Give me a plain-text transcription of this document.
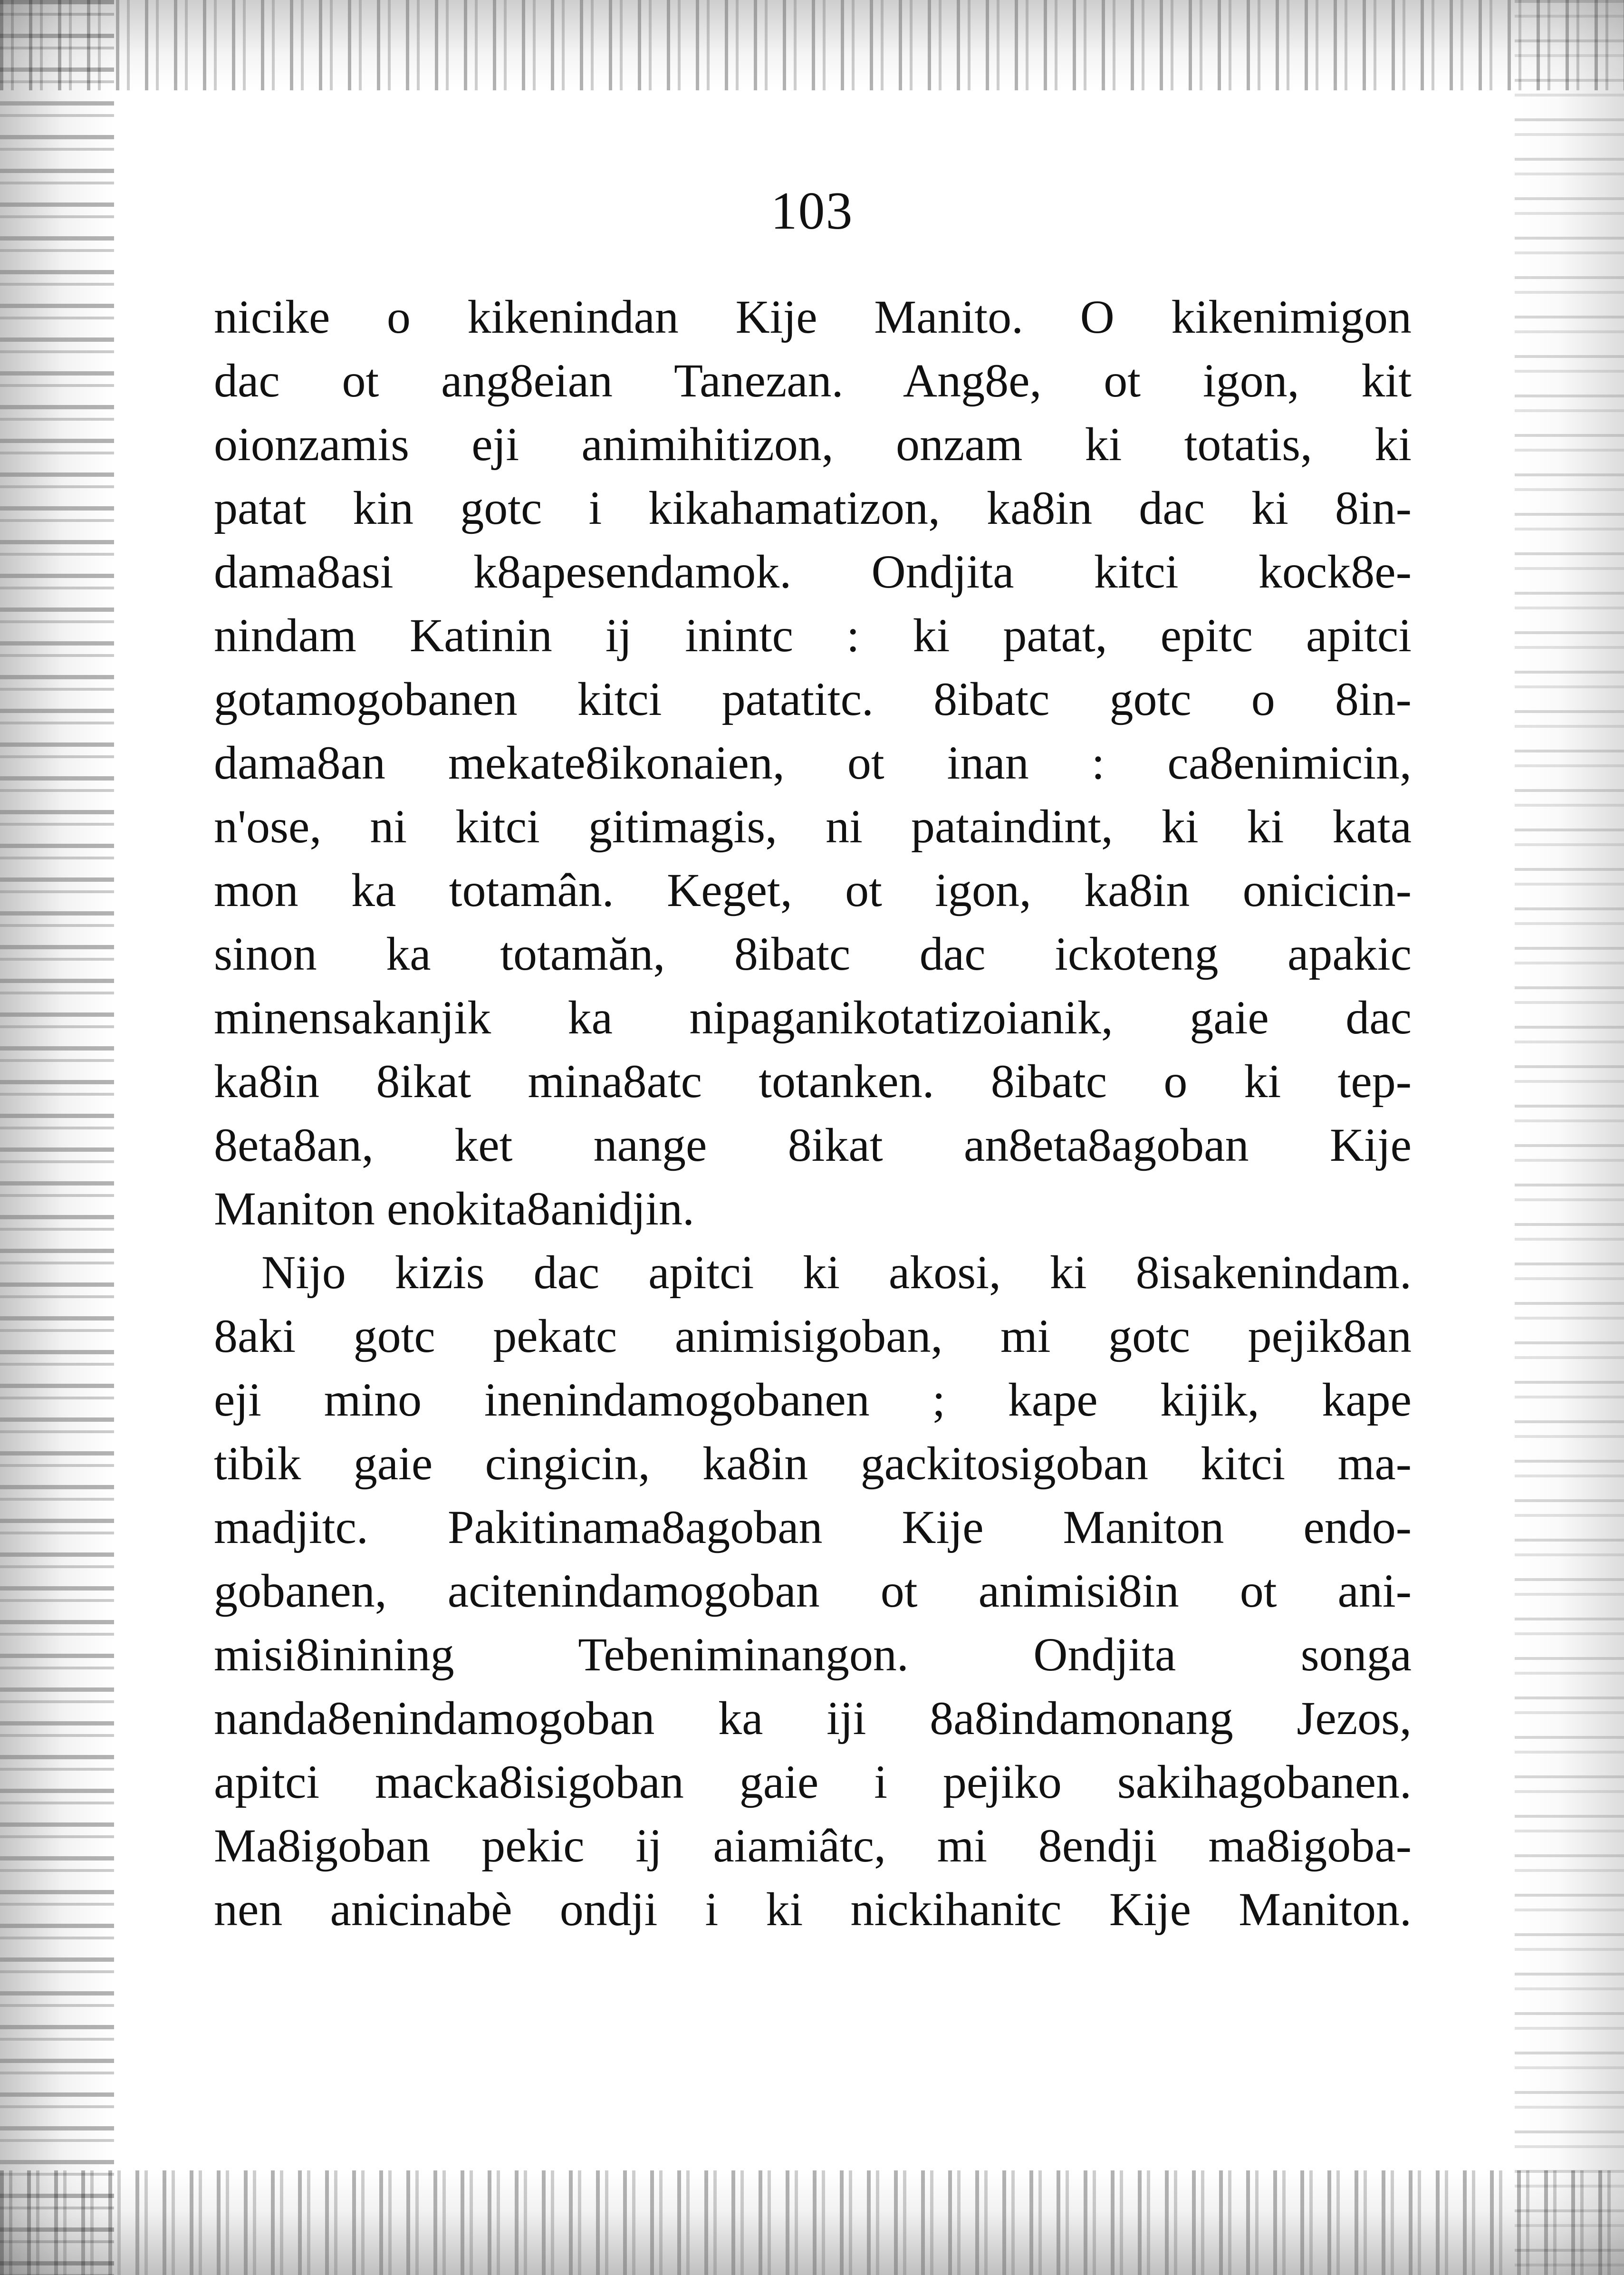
103
nicike o kikenindan Kije Manito. O kikenimigon
dac ot ang8eian Tanezan. Ang8e, ot igon, kit
oionzamis eji animihitizon, onzam ki totatis, ki
patat kin gotc i kikahamatizon, ka8in dac ki 8in-
dama8asi k8apesendamok. Ondjita kitci kock8e-
nindam Katinin ij inintc : ki patat, epitc apitci
gotamogobanen kitci patatitc. 8ibatc gotc o 8in-
dama8an mekate8ikonaien, ot inan : ca8enimicin,
n'ose, ni kitci gitimagis, ni pataindint, ki ki kata
mon ka totamân. Keget, ot igon, ka8in onicicin-
sinon ka totamăn, 8ibatc dac ickoteng apakic
minensakanjik ka nipaganikotatizoianik, gaie dac
ka8in 8ikat mina8atc totanken. 8ibatc o ki tep-
8eta8an, ket nange 8ikat an8eta8agoban Kije
Maniton enokita8anidjin.
Nijo kizis dac apitci ki akosi, ki 8isakenindam.
8aki gotc pekatc animisigoban, mi gotc pejik8an
eji mino inenindamogobanen ; kape kijik, kape
tibik gaie cingicin, ka8in gackitosigoban kitci ma-
madjitc. Pakitinama8agoban Kije Maniton endo-
gobanen, acitenindamogoban ot animisi8in ot ani-
misi8inining Tebeniminangon. Ondjita songa
nanda8enindamogoban ka iji 8a8indamonang Jezos,
apitci macka8isigoban gaie i pejiko sakihagobanen.
Ma8igoban pekic ij aiamiâtc, mi 8endji ma8igoba-
nen anicinabè ondji i ki nickihanitc Kije Maniton.
